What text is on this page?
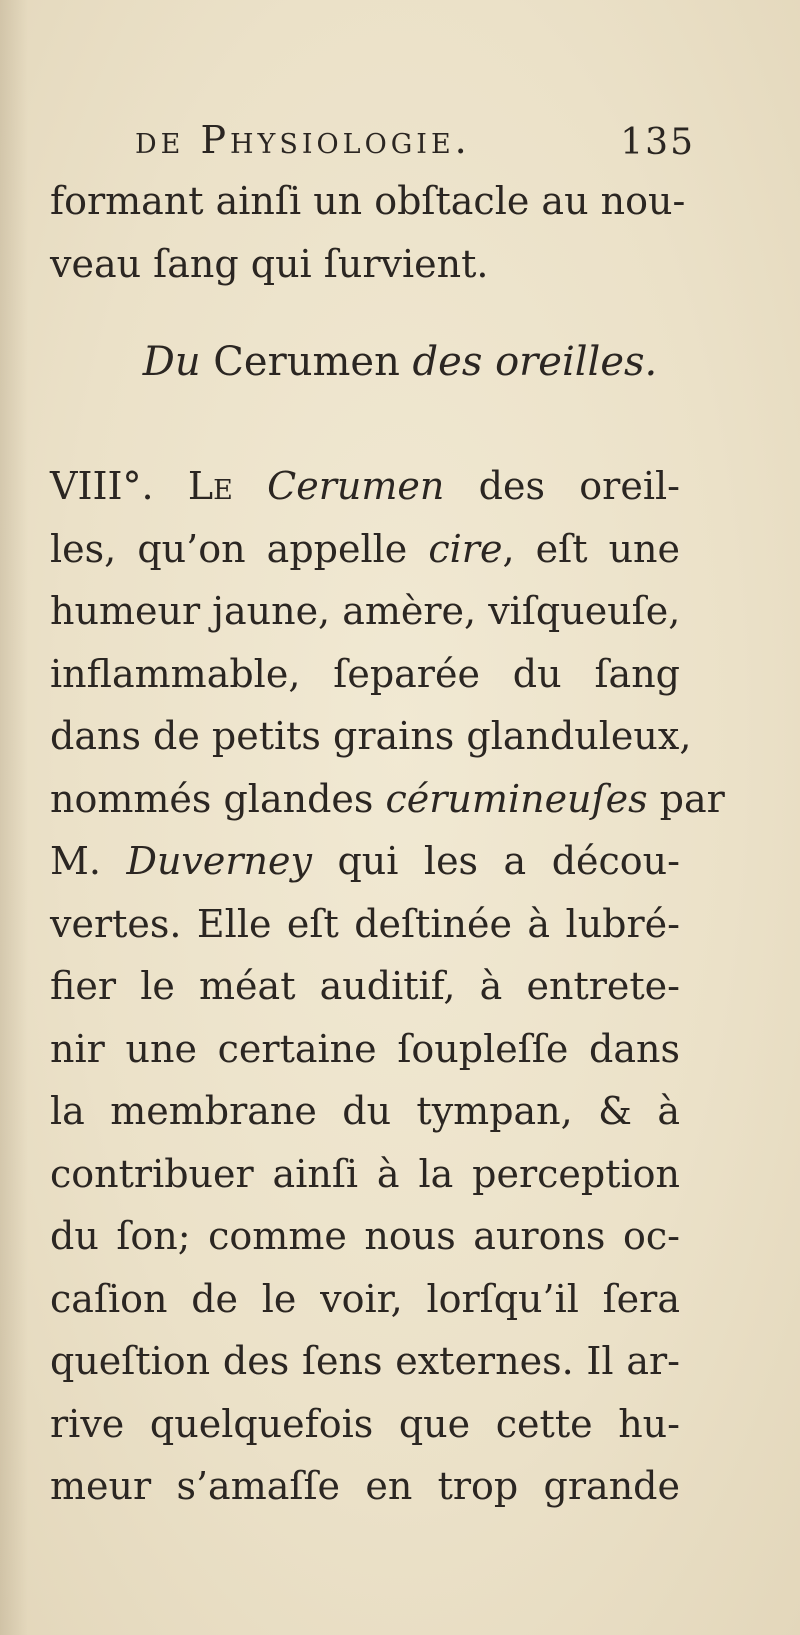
de Physiologie.	135
formant ainſi un obſtacle au nou-
veau ſang qui ſurvient.
Du Cerumen des oreilles.
VIII°. Le Cerumen des oreil-
les, qu’on appelle cire, eſt une
humeur jaune, amère, viſqueuſe,
inflammable, ſeparée du ſang
dans de petits grains glanduleux,
nommés glandes cérumineuſes par
M. Duverney qui les a décou-
vertes. Elle eſt deſtinée à lubré-
fier le méat auditif, à entrete-
nir une certaine ſoupleſſe dans
la membrane du tympan, & à
contribuer ainſi à la perception
du ſon; comme nous aurons oc-
caſion de le voir, lorſqu’il ſera
queſtion des ſens externes. Il ar-
rive quelquefois que cette hu-
meur s’amaſſe en trop grande
